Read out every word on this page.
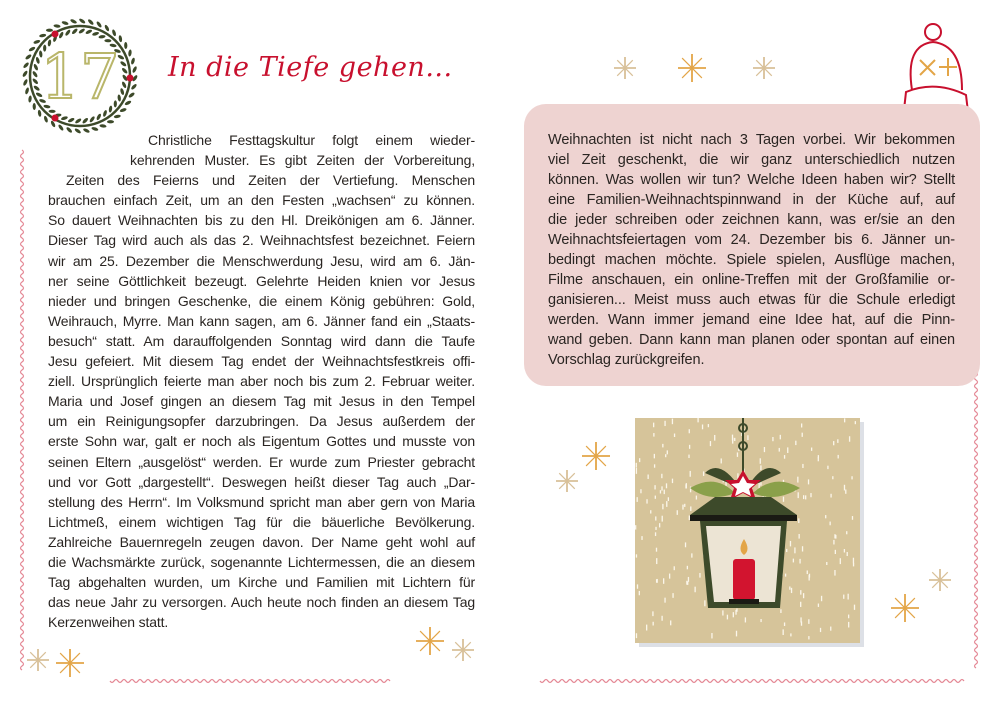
17 In die Tiefe gehen...
Christliche Festtagskultur folgt einem wieder-
kehrenden Muster. Es gibt Zeiten der Vorbereitung,
Zeiten des Feierns und Zeiten der Vertiefung. Menschen
brauchen einfach Zeit, um an den Festen „wachsen“ zu können.
So dauert Weihnachten bis zu den Hl. Dreikönigen am 6. Jänner.
Dieser Tag wird auch als das 2. Weihnachtsfest bezeichnet. Feiern
wir am 25. Dezember die Menschwerdung Jesu, wird am 6. Jän-
ner seine Göttlichkeit bezeugt. Gelehrte Heiden knien vor Jesus
nieder und bringen Geschenke, die einem König gebühren: Gold,
Weihrauch, Myrre. Man kann sagen, am 6. Jänner fand ein „Staats-
besuch“ statt. Am darauffolgenden Sonntag wird dann die Taufe
Jesu gefeiert. Mit diesem Tag endet der Weihnachtsfestkreis offi-
ziell. Ursprünglich feierte man aber noch bis zum 2. Februar weiter.
Maria und Josef gingen an diesem Tag mit Jesus in den Tempel
um ein Reinigungsopfer darzubringen. Da Jesus außerdem der
erste Sohn war, galt er noch als Eigentum Gottes und musste von
seinen Eltern „ausgelöst“ werden. Er wurde zum Priester gebracht
und vor Gott „dargestellt“. Deswegen heißt dieser Tag auch „Dar-
stellung des Herrn“. Im Volksmund spricht man aber gern von Maria
Lichtmeß, einem wichtigen Tag für die bäuerliche Bevölkerung.
Zahlreiche Bauernregeln zeugen davon. Der Name geht wohl auf
die Wachsmärkte zurück, sogenannte Lichtermessen, die an diesem
Tag abgehalten wurden, um Kirche und Familien mit Lichtern für
das neue Jahr zu versorgen. Auch heute noch finden an diesem Tag
Kerzenweihen statt.
Weihnachten ist nicht nach 3 Tagen vorbei. Wir bekommen
viel Zeit geschenkt, die wir ganz unterschiedlich nutzen
können. Was wollen wir tun? Welche Ideen haben wir? Stellt
eine Familien-Weihnachtspinnwand in der Küche auf, auf
die jeder schreiben oder zeichnen kann, was er/sie an den
Weihnachtsfeiertagen vom 24. Dezember bis 6. Jänner un-
bedingt machen möchte. Spiele spielen, Ausflüge machen,
Filme anschauen, ein online-Treffen mit der Großfamilie or-
ganisieren... Meist muss auch etwas für die Schule erledigt
werden. Wann immer jemand eine Idee hat, auf die Pinn-
wand geben. Dann kann man planen oder spontan auf einen
Vorschlag zurückgreifen.
